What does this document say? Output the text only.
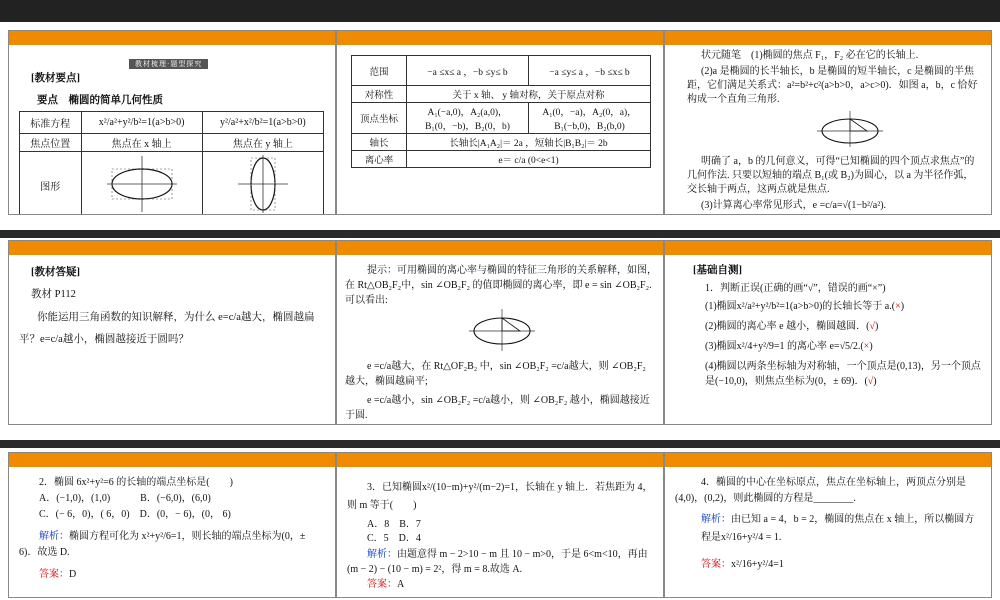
教材梳理·题型探究
[教材要点]
要点　椭圆的简单几何性质
标准方程	x²/a²+y²/b²=1(a>b>0)	y²/a²+x²/b²=1(a>b>0)
焦点位置	焦点在 x 轴上	焦点在 y 轴上
图形		
范围	−a ≤x≤ a ，−b ≤y≤ b	−a ≤y≤ a ，−b ≤x≤ b
对称性	关于 x 轴、 y 轴对称，关于原点对称	
顶点坐标	A₁(−a,0)，A₂(a,0)，B₁(0，−b)，B₂(0，b)	A₁(0，−a)，A₂(0，a)，B₁(−b,0)，B₂(b,0)
轴长	长轴长|A₁A₂|＝ 2a ，短轴长|B₁B₂|＝ 2b	
离心率	e＝ c/a (0<e<1)	
状元随笔　(1)椭圆的焦点 F₁，F₂ 必在它的长轴上.
(2)a 是椭圆的长半轴长，b 是椭圆的短半轴长，c 是椭圆的半焦距，它们满足关系式：a²=b²+c²(a>b>0，a>c>0)．如图 a，b，c 恰好构成一个直角三角形.
明确了 a，b 的几何意义，可得“已知椭圆的四个顶点求焦点”的几何作法. 只要以短轴的端点 B₁(或 B₂)为圆心，以 a 为半径作弧，交长轴于两点，这两点就是焦点.
(3)计算离心率常见形式，e =c/a=√(1−b²/a²).
[教材答疑]
教材 P112
你能运用三角函数的知识解释，为什么 e=c/a越大，椭圆越扁平？e=c/a越小，椭圆越接近于圆吗？
提示：可用椭圆的离心率与椭圆的特征三角形的关系解释，如图，在 Rt△OB₂F₂中，sin ∠OB₂F₂ 的值即椭圆的离心率，即 e = sin ∠OB₂F₂.可以看出:
e =c/a越大，在 Rt△OF₂B₂ 中，sin ∠OB₂F₂ =c/a越大，则 ∠OB₂F₂ 越大，椭圆越扁平;
e =c/a越小，sin ∠OB₂F₂ =c/a越小，则 ∠OB₂F₂ 越小，椭圆越接近于圆.
[基础自测]
1．判断正误(正确的画“√”，错误的画“×”)
(1)椭圆x²/a²+y²/b²=1(a>b>0)的长轴长等于 a.(×)
(2)椭圆的离心率 e 越小，椭圆越圆．(√)
(3)椭圆x²/4+y²/9=1 的离心率 e=√5/2.(×)
(4)椭圆以两条坐标轴为对称轴，一个顶点是(0,13)，另一个顶点是(−10,0)，则焦点坐标为(0，± 69)．(√)
2．椭圆 6x²+y²=6 的长轴的端点坐标是(　　)
A．(−1,0)，(1,0)　　　B．(−6,0)，(6,0)
C．(− 6，0)，( 6，0)　D．(0，− 6)，(0， 6)
解析：椭圆方程可化为 x²+y²/6=1，则长轴的端点坐标为(0，± 6)．故选 D.
答案：D
3．已知椭圆x²/(10−m)+y²/(m−2)=1，长轴在 y 轴上．若焦距为 4，则 m 等于(　　)
A．8　B．7
C．5　D．4
解析：由题意得 m − 2>10 − m 且 10 − m>0，于是 6<m<10，再由(m − 2) − (10 − m) = 2²，得 m = 8.故选 A.
答案：A
4．椭圆的中心在坐标原点，焦点在坐标轴上，两顶点分别是(4,0)，(0,2)，则此椭圆的方程是________.
解析：由已知 a = 4，b = 2，椭圆的焦点在 x 轴上，所以椭圆方程是x²/16+y²/4 = 1.
答案：x²/16+y²/4=1
